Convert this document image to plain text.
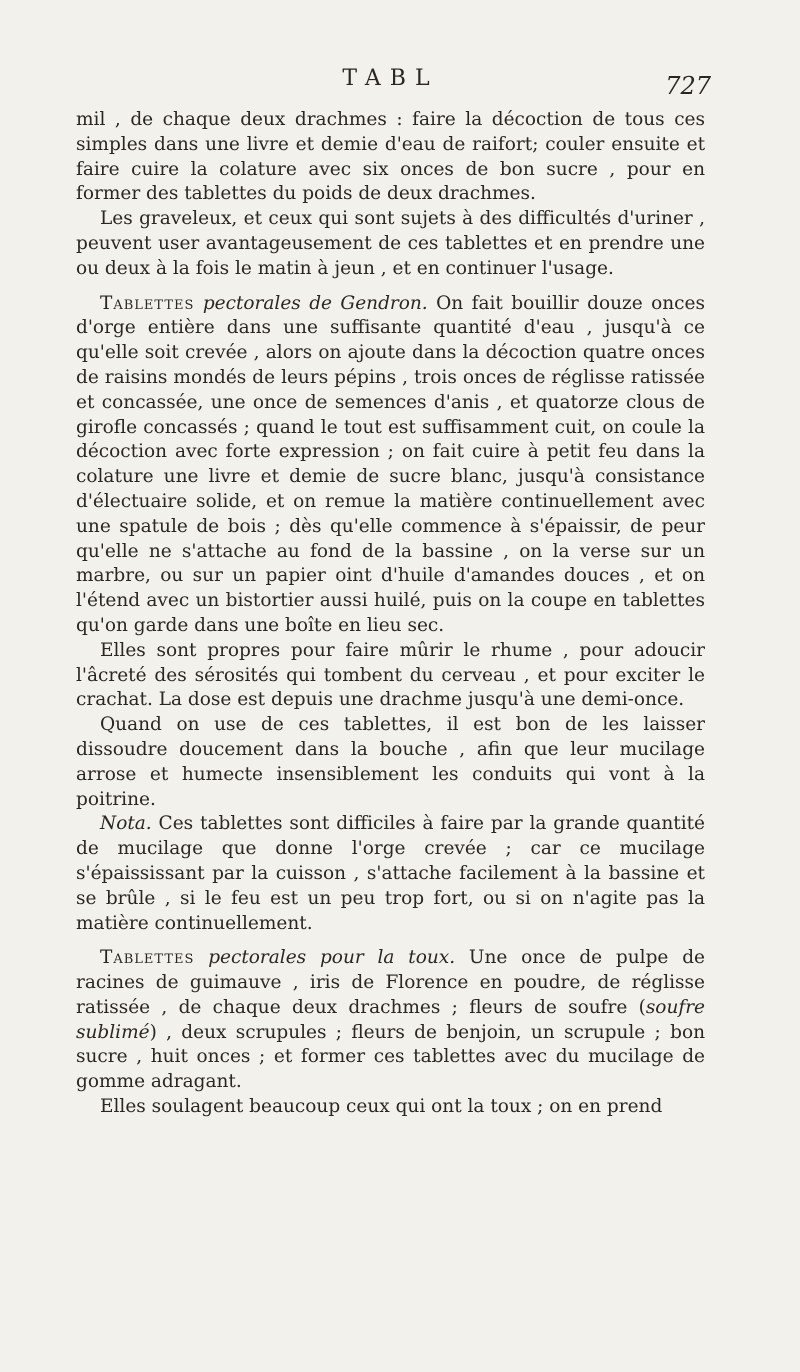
TABL	727

mil , de chaque deux drachmes : faire la décoction de tous ces simples dans une livre et demie d'eau de raifort; couler ensuite et faire cuire la colature avec six onces de bon sucre , pour en former des tablettes du poids de deux drachmes.

Les graveleux, et ceux qui sont sujets à des difficultés d'uriner , peuvent user avantageusement de ces tablettes et en prendre une ou deux à la fois le matin à jeun , et en continuer l'usage.

Tablettes pectorales de Gendron. On fait bouillir douze onces d'orge entière dans une suffisante quantité d'eau , jusqu'à ce qu'elle soit crevée , alors on ajoute dans la décoction quatre onces de raisins mondés de leurs pépins , trois onces de réglisse ratissée et concassée, une once de semences d'anis , et quatorze clous de girofle concassés ; quand le tout est suffisamment cuit, on coule la décoction avec forte expression ; on fait cuire à petit feu dans la colature une livre et demie de sucre blanc, jusqu'à consistance d'électuaire solide, et on remue la matière continuellement avec une spatule de bois ; dès qu'elle commence à s'épaissir, de peur qu'elle ne s'attache au fond de la bassine , on la verse sur un marbre, ou sur un papier oint d'huile d'amandes douces , et on l'étend avec un bistortier aussi huilé, puis on la coupe en tablettes qu'on garde dans une boîte en lieu sec.

Elles sont propres pour faire mûrir le rhume , pour adoucir l'âcreté des sérosités qui tombent du cerveau , et pour exciter le crachat. La dose est depuis une drachme jusqu'à une demi-once.

Quand on use de ces tablettes, il est bon de les laisser dissoudre doucement dans la bouche , afin que leur mucilage arrose et humecte insensiblement les conduits qui vont à la poitrine.

Nota. Ces tablettes sont difficiles à faire par la grande quantité de mucilage que donne l'orge crevée ; car ce mucilage s'épaississant par la cuisson , s'attache facilement à la bassine et se brûle , si le feu est un peu trop fort, ou si on n'agite pas la matière continuellement.

Tablettes pectorales pour la toux. Une once de pulpe de racines de guimauve , iris de Florence en poudre, de réglisse ratissée , de chaque deux drachmes ; fleurs de soufre (soufre sublimé) , deux scrupules ; fleurs de benjoin, un scrupule ; bon sucre , huit onces ; et former ces tablettes avec du mucilage de gomme adragant.

Elles soulagent beaucoup ceux qui ont la toux ; on en prend
